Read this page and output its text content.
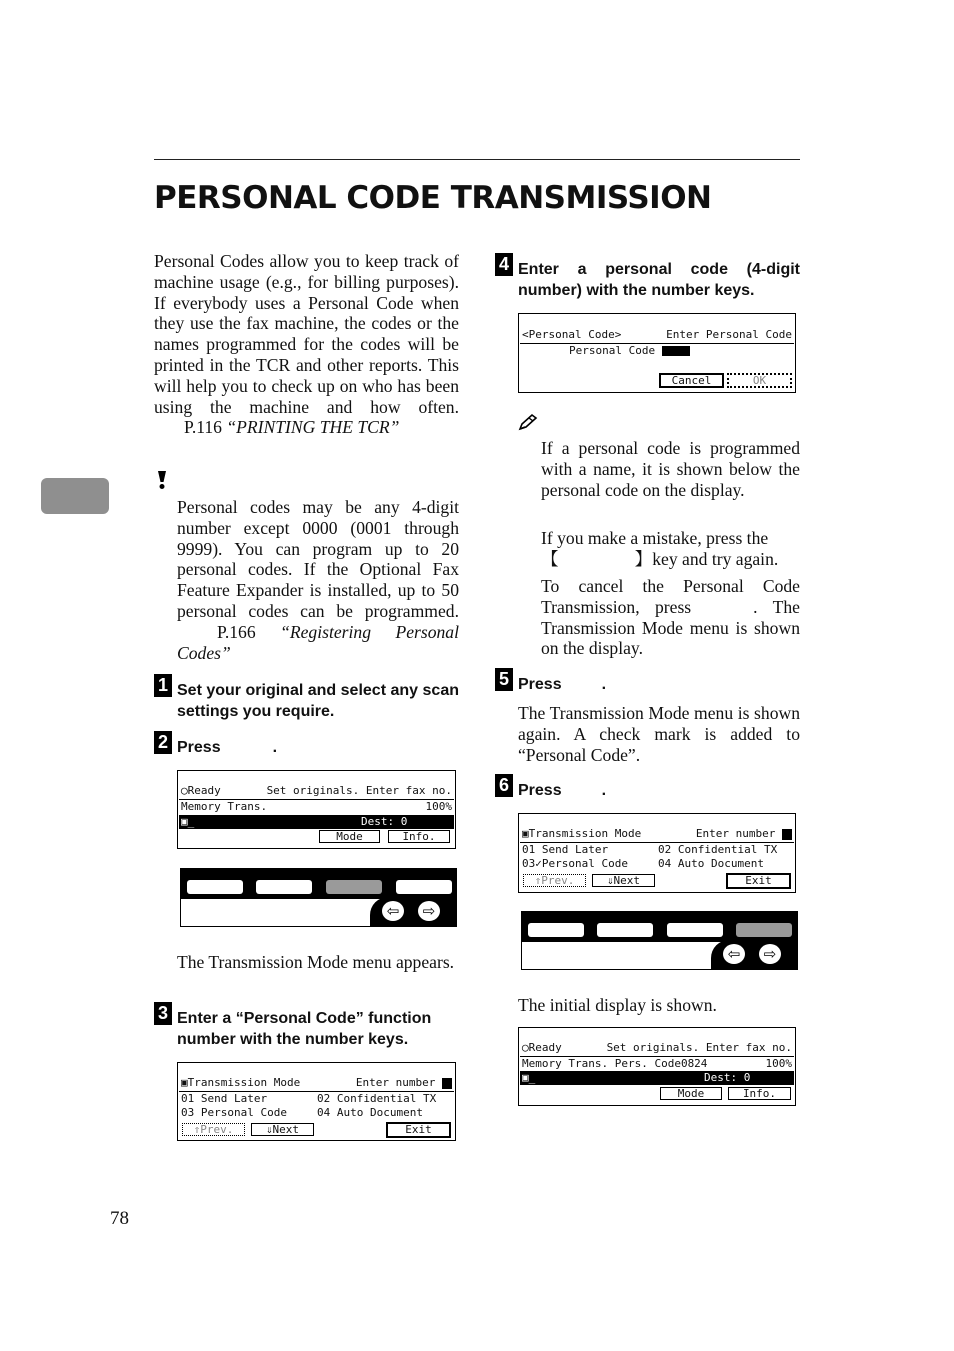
PERSONAL CODE TRANSMISSION
Personal Codes allow you to keep track of machine usage (e.g., for billing purposes). If everybody uses a Personal Code when they use the fax machine, the codes or the names programmed for the codes will be printed in the TCR and other reports. This will help you to check up on who has been using the machine and how often. P.116 “PRINTING THE TCR”
Personal codes may be any 4-digit number except 0000 (0001 through 9999). You can program up to 20 personal codes. If the Optional Fax Feature Expander is installed, up to 50 personal codes can be programmed. P.166 “Registering Personal Codes”
1 Set your original and select any scan settings you require.
2 Press	.
◯Ready	Set originals. Enter fax no.
Memory Trans.	100%
▣_	Dest: 0
Mode	Info.
⇦	⇨
The Transmission Mode menu appears.
3 Enter a “Personal Code” function number with the number keys.
▣Transmission Mode	Enter number
01 Send Later	02 Confidential TX
03 Personal Code	04 Auto Document
⇑Prev.	⇓Next	Exit
78
4 Enter a personal code (4-digit number) with the number keys.
<Personal Code>	Enter Personal Code
Personal Code
Cancel	OK
If a personal code is programmed with a name, it is shown below the personal code on the display.
If you make a mistake, press the
【	】key and try again.
To cancel the Personal Code Transmission, press	. The Transmission Mode menu is shown on the display.
5 Press	.
The Transmission Mode menu is shown again. A check mark is added to “Personal Code”.
6 Press	.
▣Transmission Mode	Enter number
01 Send Later	02 Confidential TX
03✓Personal Code	04 Auto Document
⇑Prev.	⇓Next	Exit
⇦	⇨
The initial display is shown.
◯Ready	Set originals. Enter fax no.
Memory Trans. Pers. Code0824	100%
▣_	Dest: 0
Mode	Info.
